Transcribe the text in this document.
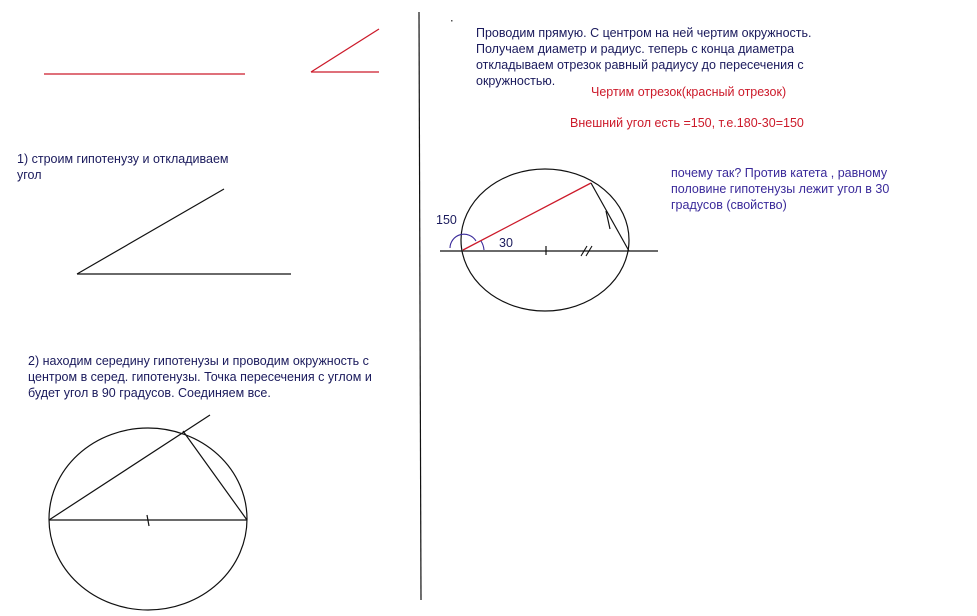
150
30
1) строим гипотенузу и откладиваем
угол
2) находим середину гипотенузы и проводим окружность с
центром в серед. гипотенузы. Точка пересечения с углом и
будет угол в 90 градусов. Соединяем все.
Проводим прямую. С центром на ней чертим окружность.
Получаем диаметр и радиус. теперь с конца диаметра
откладываем отрезок равный радиусу до пересечения с
окружностью.
Чертим отрезок(красный отрезок)
Внешний угол есть =150, т.е.180-30=150
почему так? Против катета , равному
половине гипотенузы лежит угол в 30
градусов (свойство)
